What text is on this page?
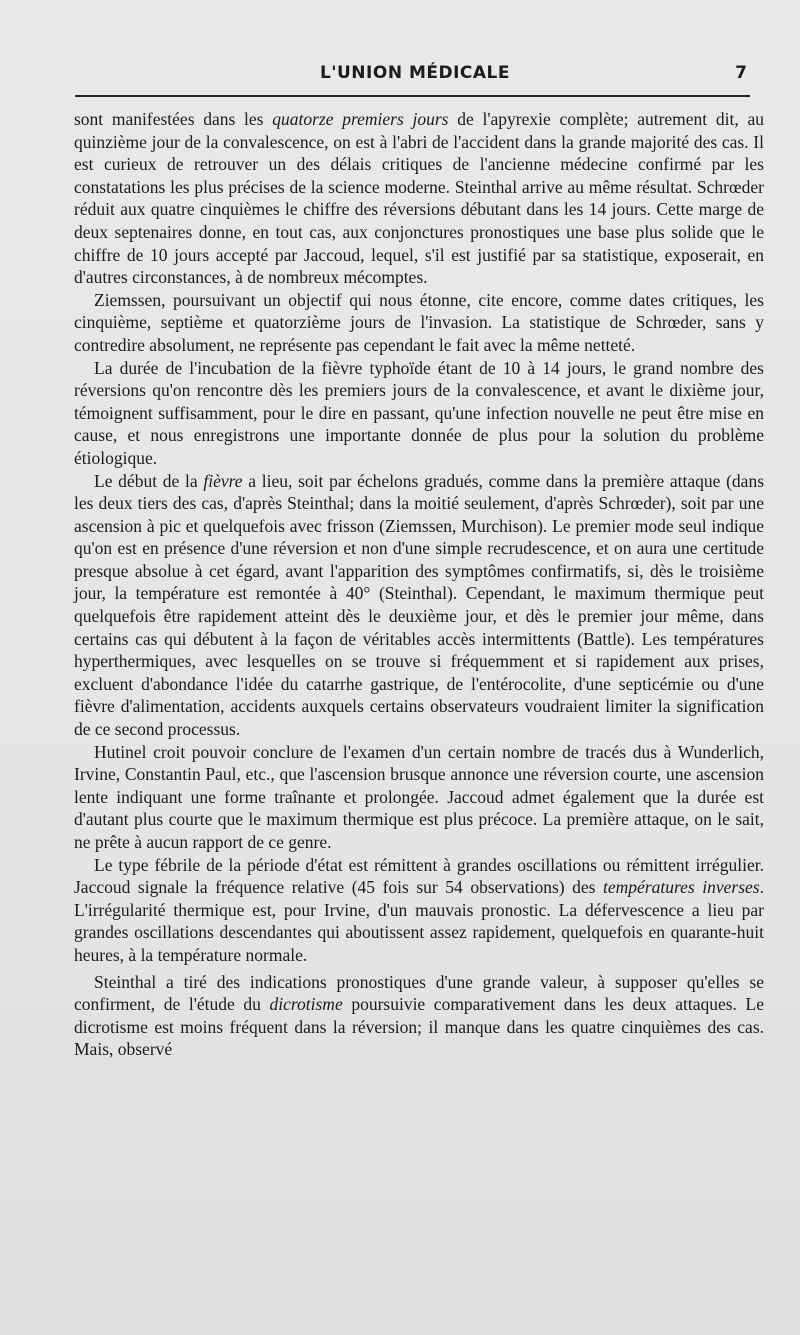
L'UNION MÉDICALE	7

sont manifestées dans les quatorze premiers jours de l'apyrexie complète; autrement dit, au quinzième jour de la convalescence, on est à l'abri de l'accident dans la grande majorité des cas. Il est curieux de retrouver un des délais critiques de l'ancienne médecine confirmé par les constatations les plus précises de la science moderne. Steinthal arrive au même résultat. Schrœder réduit aux quatre cinquièmes le chiffre des réversions débutant dans les 14 jours. Cette marge de deux septenaires donne, en tout cas, aux conjonctures pronostiques une base plus solide que le chiffre de 10 jours accepté par Jaccoud, lequel, s'il est justifié par sa statistique, exposerait, en d'autres circonstances, à de nombreux mécomptes.

Ziemssen, poursuivant un objectif qui nous étonne, cite encore, comme dates critiques, les cinquième, septième et quatorzième jours de l'invasion. La statistique de Schrœder, sans y contredire absolument, ne représente pas cependant le fait avec la même netteté.

La durée de l'incubation de la fièvre typhoïde étant de 10 à 14 jours, le grand nombre des réversions qu'on rencontre dès les premiers jours de la convalescence, et avant le dixième jour, témoignent suffisamment, pour le dire en passant, qu'une infection nouvelle ne peut être mise en cause, et nous enregistrons une importante donnée de plus pour la solution du problème étiologique.

Le début de la fièvre a lieu, soit par échelons gradués, comme dans la première attaque (dans les deux tiers des cas, d'après Steinthal; dans la moitié seulement, d'après Schrœder), soit par une ascension à pic et quelquefois avec frisson (Ziemssen, Murchison). Le premier mode seul indique qu'on est en présence d'une réversion et non d'une simple recrudescence, et on aura une certitude presque absolue à cet égard, avant l'apparition des symptômes confirmatifs, si, dès le troisième jour, la température est remontée à 40° (Steinthal). Cependant, le maximum thermique peut quelquefois être rapidement atteint dès le deuxième jour, et dès le premier jour même, dans certains cas qui débutent à la façon de véritables accès intermittents (Battle). Les températures hyperthermiques, avec lesquelles on se trouve si fréquemment et si rapidement aux prises, excluent d'abondance l'idée du catarrhe gastrique, de l'entérocolite, d'une septicémie ou d'une fièvre d'alimentation, accidents auxquels certains observateurs voudraient limiter la signification de ce second processus.

Hutinel croit pouvoir conclure de l'examen d'un certain nombre de tracés dus à Wunderlich, Irvine, Constantin Paul, etc., que l'ascension brusque annonce une réversion courte, une ascension lente indiquant une forme traînante et prolongée. Jaccoud admet également que la durée est d'autant plus courte que le maximum thermique est plus précoce. La première attaque, on le sait, ne prête à aucun rapport de ce genre.

Le type fébrile de la période d'état est rémittent à grandes oscillations ou rémittent irrégulier. Jaccoud signale la fréquence relative (45 fois sur 54 observations) des températures inverses. L'irrégularité thermique est, pour Irvine, d'un mauvais pronostic. La défervescence a lieu par grandes oscillations descendantes qui aboutissent assez rapidement, quelquefois en quarante-huit heures, à la température normale.

Steinthal a tiré des indications pronostiques d'une grande valeur, à supposer qu'elles se confirment, de l'étude du dicrotisme poursuivie comparativement dans les deux attaques. Le dicrotisme est moins fréquent dans la réversion; il manque dans les quatre cinquièmes des cas. Mais, observé
